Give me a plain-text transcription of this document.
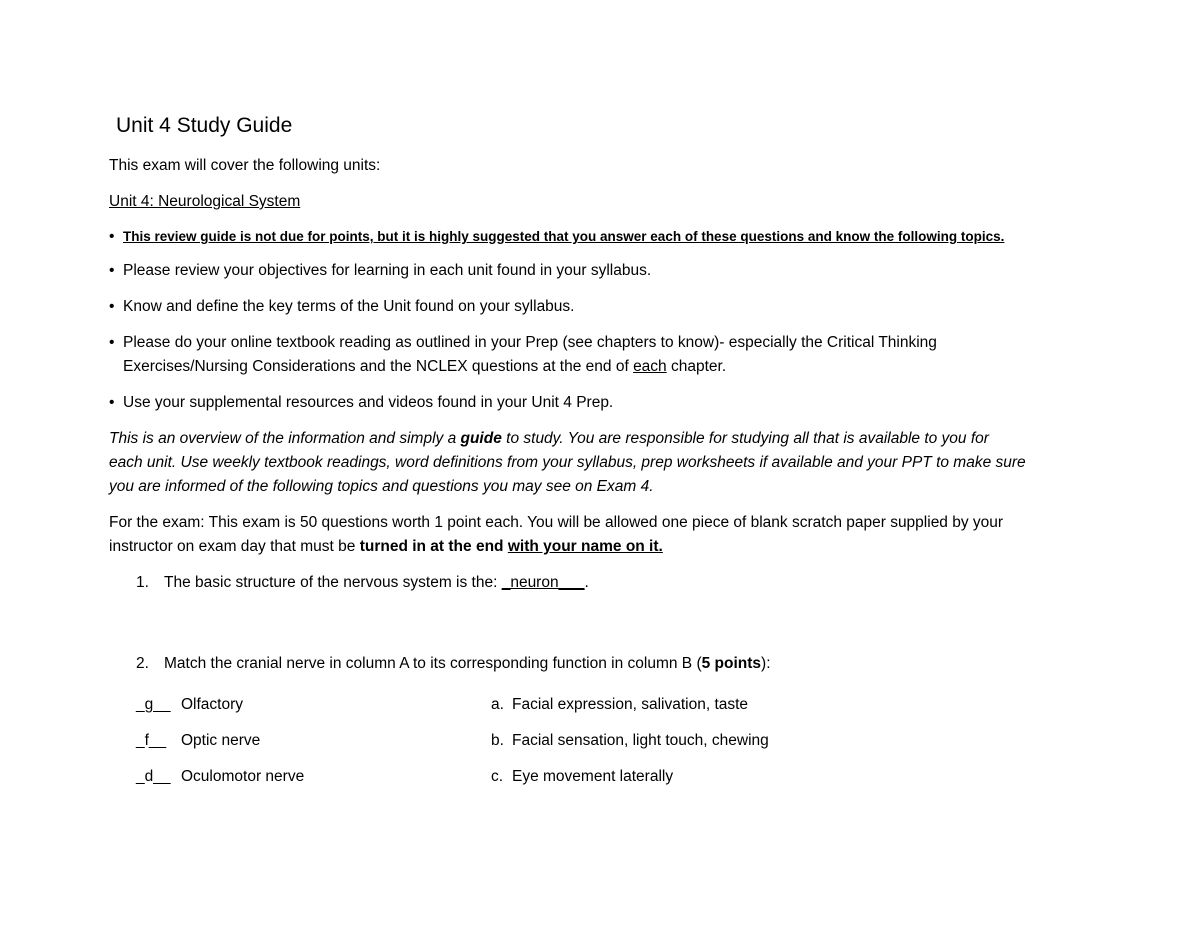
Unit 4 Study Guide
This exam will cover the following units:
Unit 4: Neurological System
• This review guide is not due for points, but it is highly suggested that you answer each of these questions and know the following topics.
• Please review your objectives for learning in each unit found in your syllabus.
• Know and define the key terms of the Unit found on your syllabus.
• Please do your online textbook reading as outlined in your Prep (see chapters to know)- especially the Critical Thinking
Exercises/Nursing Considerations and the NCLEX questions at the end of each chapter.
• Use your supplemental resources and videos found in your Unit 4 Prep.
This is an overview of the information and simply a guide to study. You are responsible for studying all that is available to you for
each unit. Use weekly textbook readings, word definitions from your syllabus, prep worksheets if available and your PPT to make sure
you are informed of the following topics and questions you may see on Exam 4.
For the exam: This exam is 50 questions worth 1 point each. You will be allowed one piece of blank scratch paper supplied by your
instructor on exam day that must be turned in at the end with your name on it.
1. The basic structure of the nervous system is the: _neuron___.
2. Match the cranial nerve in column A to its corresponding function in column B (5 points):
_g__ Olfactory
_f__ Optic nerve
_d__ Oculomotor nerve
a. Facial expression, salivation, taste
b. Facial sensation, light touch, chewing
c. Eye movement laterally
